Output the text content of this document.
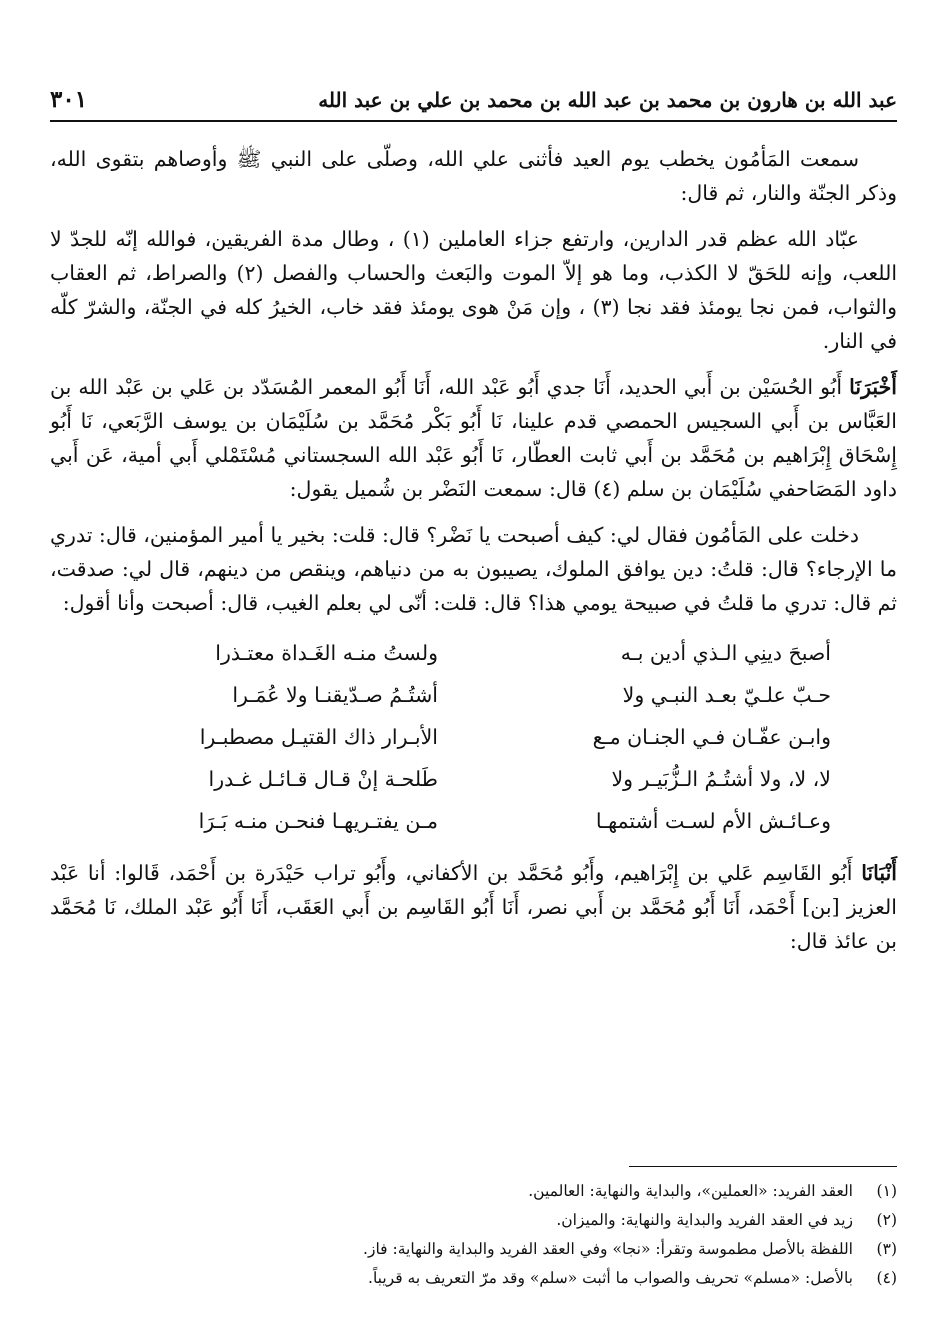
عبد الله بن هارون بن محمد بن عبد الله بن محمد بن علي بن عبد الله
٣٠١

سمعت المَأمُون يخطب يوم العيد فأثنى علي الله، وصلّى على النبي ﷺ وأوصاهم بتقوى الله، وذكر الجنّة والنار، ثم قال:

عبّاد الله عظم قدر الدارين، وارتفع جزاء العاملين (١) ، وطال مدة الفريقين، فوالله إنّه للجدّ لا اللعب، وإنه للحَقّ لا الكذب، وما هو إلاّ الموت والبَعث والحساب والفصل (٢) والصراط، ثم العقاب والثواب، فمن نجا يومئذ فقد نجا (٣) ، وإن مَنْ هوى يومئذ فقد خاب، الخيرُ كله في الجنّة، والشرّ كلّه في النار.

أَخْبَرَنَا أَبُو الحُسَيْن بن أَبي الحديد، أَنَا جدي أَبُو عَبْد الله، أَنَا أَبُو المعمر المُسَدّد بن عَلي بن عَبْد الله بن العَبَّاس بن أَبي السجيس الحمصي قدم علينا، نَا أَبُو بَكْر مُحَمَّد بن سُلَيْمَان بن يوسف الرَّبَعي، نَا أَبُو إِسْحَاق إِبْرَاهيم بن مُحَمَّد بن أَبي ثابت العطّار، نَا أَبُو عَبْد الله السجستاني مُسْتَمْلي أَبي أمية، عَن أَبي داود المَصَاحفي سُلَيْمَان بن سلم (٤) قال: سمعت النَضْر بن شُميل يقول:

دخلت على المَأمُون فقال لي: كيف أصبحت يا نَضْر؟ قال: قلت: بخير يا أمير المؤمنين، قال: تدري ما الإرجاء؟ قال: قلتُ: دين يوافق الملوك، يصيبون به من دنياهم، وينقص من دينهم، قال لي: صدقت، ثم قال: تدري ما قلتُ في صبيحة يومي هذا؟ قال: قلت: أنّى لي بعلم الغيب، قال: أصبحت وأنا أقول:

أصبحَ دينِي الـذي أدين بـه
ولستُ منـه الغَـداة معتـذرا
حـبّ علـيّ بعـد النبـي ولا
أشتُـمُ صـدّيقنـا ولا عُمَـرا
وابـن عفّـان فـي الجنـان مـع
الأبـرار ذاك القتيـل مصطبـرا
لا، لا، ولا أشتُـمُ الـزُّبَيـر ولا
طَلحـة إنْ قـال قـائـل غـدرا
وعـائـش الأم لسـت أشتمهـا
مـن يفتـريهـا فنحـن منـه بَـرَا

أَنْبَانَا أَبُو القَاسِم عَلي بن إِبْرَاهيم، وأَبُو مُحَمَّد بن الأكفاني، وأَبُو تراب حَيْدَرة بن أَحْمَد، قَالوا: أنا عَبْد العزيز [بن] أَحْمَد، أَنَا أَبُو مُحَمَّد بن أَبي نصر، أَنَا أَبُو القَاسِم بن أَبي العَقَب، أَنَا أَبُو عَبْد الملك، نَا مُحَمَّد بن عائذ قال:

(١)
العقد الفريد: «العملين»، والبداية والنهاية: العالمين.
(٢)
زيد في العقد الفريد والبداية والنهاية: والميزان.
(٣)
اللفظة بالأصل مطموسة وتقرأ: «نجا» وفي العقد الفريد والبداية والنهاية: فاز.
(٤)
بالأصل: «مسلم» تحريف والصواب ما أثبت «سلم» وقد مرّ التعريف به قريباً.
